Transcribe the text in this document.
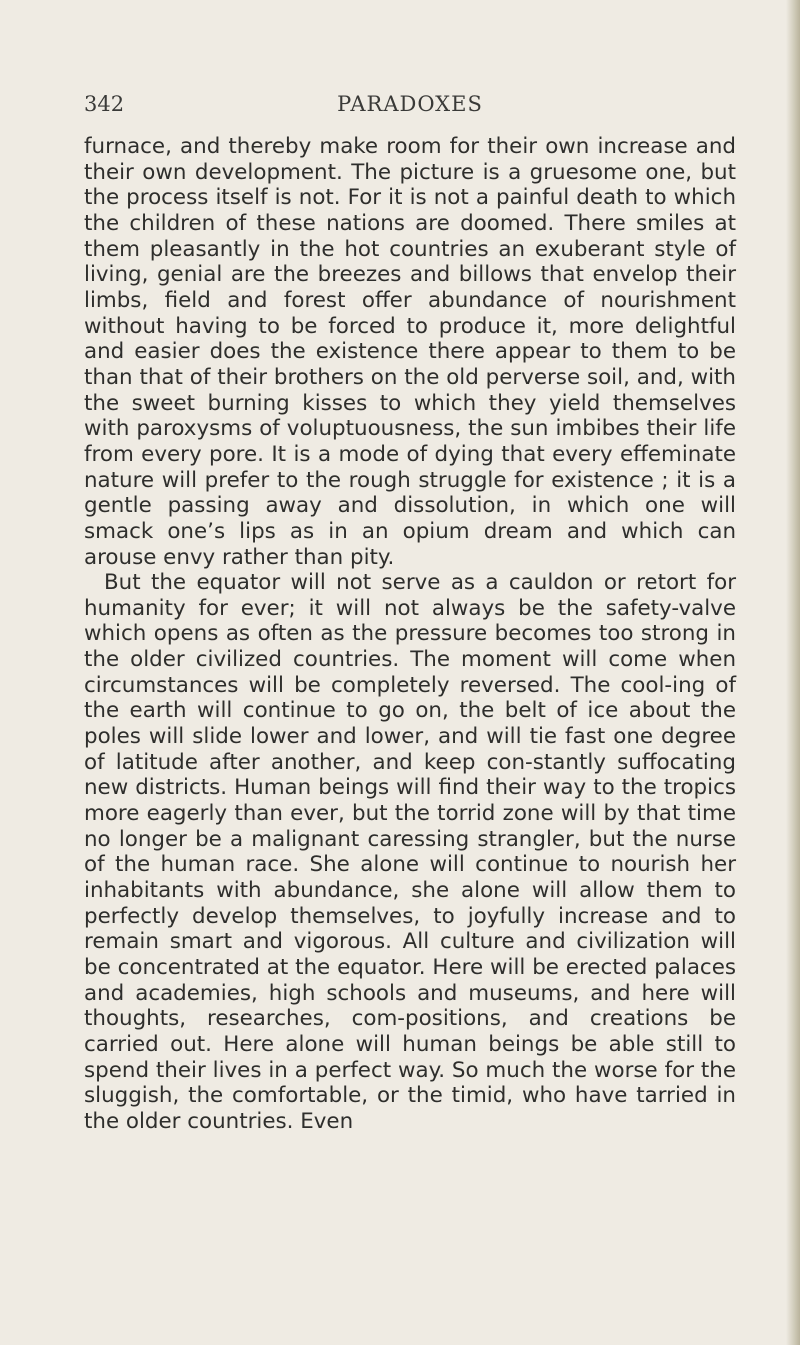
342	PARADOXES

furnace, and thereby make room for their own increase and their own development. The picture is a gruesome one, but the process itself is not. For it is not a painful death to which the children of these nations are doomed. There smiles at them pleasantly in the hot countries an exuberant style of living, genial are the breezes and billows that envelop their limbs, field and forest offer abundance of nourishment without having to be forced to produce it, more delightful and easier does the existence there appear to them to be than that of their brothers on the old perverse soil, and, with the sweet burning kisses to which they yield themselves with paroxysms of voluptuousness, the sun imbibes their life from every pore. It is a mode of dying that every effeminate nature will prefer to the rough struggle for existence ; it is a gentle passing away and dissolution, in which one will smack one’s lips as in an opium dream and which can arouse envy rather than pity.

But the equator will not serve as a cauldon or retort for humanity for ever; it will not always be the safety-valve which opens as often as the pressure becomes too strong in the older civilized countries. The moment will come when circumstances will be completely reversed. The cool-ing of the earth will continue to go on, the belt of ice about the poles will slide lower and lower, and will tie fast one degree of latitude after another, and keep con-stantly suffocating new districts. Human beings will find their way to the tropics more eagerly than ever, but the torrid zone will by that time no longer be a malignant caressing strangler, but the nurse of the human race. She alone will continue to nourish her inhabitants with abundance, she alone will allow them to perfectly develop themselves, to joyfully increase and to remain smart and vigorous. All culture and civilization will be concentrated at the equator. Here will be erected palaces and academies, high schools and museums, and here will thoughts, researches, com-positions, and creations be carried out. Here alone will human beings be able still to spend their lives in a perfect way. So much the worse for the sluggish, the comfortable, or the timid, who have tarried in the older countries. Even
